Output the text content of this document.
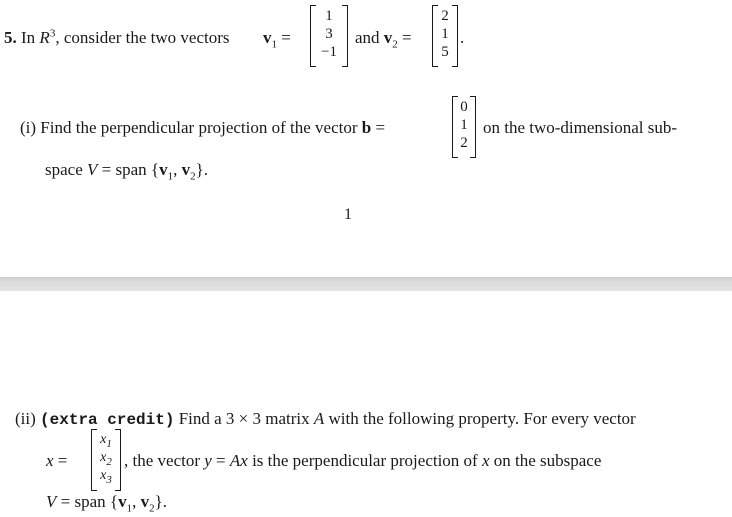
5. In $R^3$, consider the two vectors $v_1$ =
1
3
−1
and $v_2$ =
2
1
5
.
(i) Find the perpendicular projection of the vector b =
0
1
2
on the two-dimensional sub-
space V = span {$v_1$, $v_2$}.
1
(ii) (extra credit) Find a 3 × 3 matrix A with the following property. For every vector
x =
$x_1$
$x_2$
$x_3$
, the vector y = Ax is the perpendicular projection of x on the subspace
V = span {$v_1$, $v_2$}.
